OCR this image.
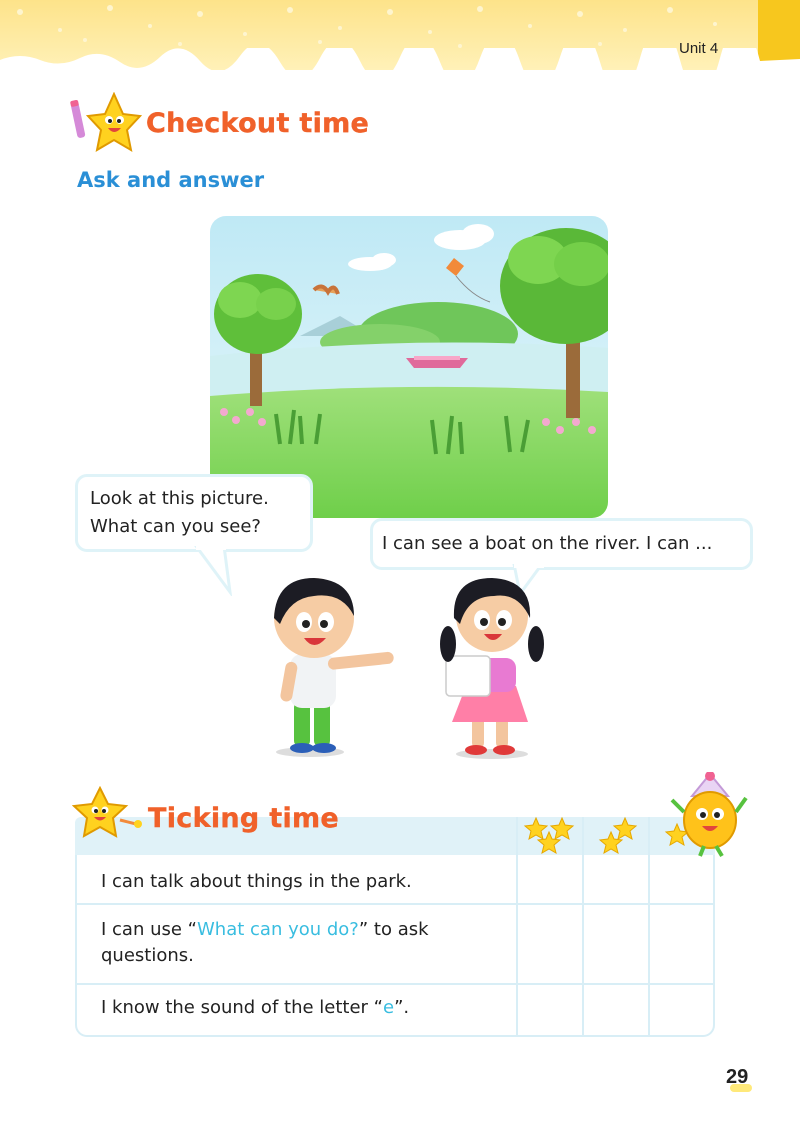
Unit 4
Checkout time
Ask and answer
Look at this picture.
What can you see?
I can see a boat on the river. I can ...
Ticking time
I can talk about things in the park.
I can use “What can you do?” to ask
questions.
I know the sound of the letter “e”.
29
